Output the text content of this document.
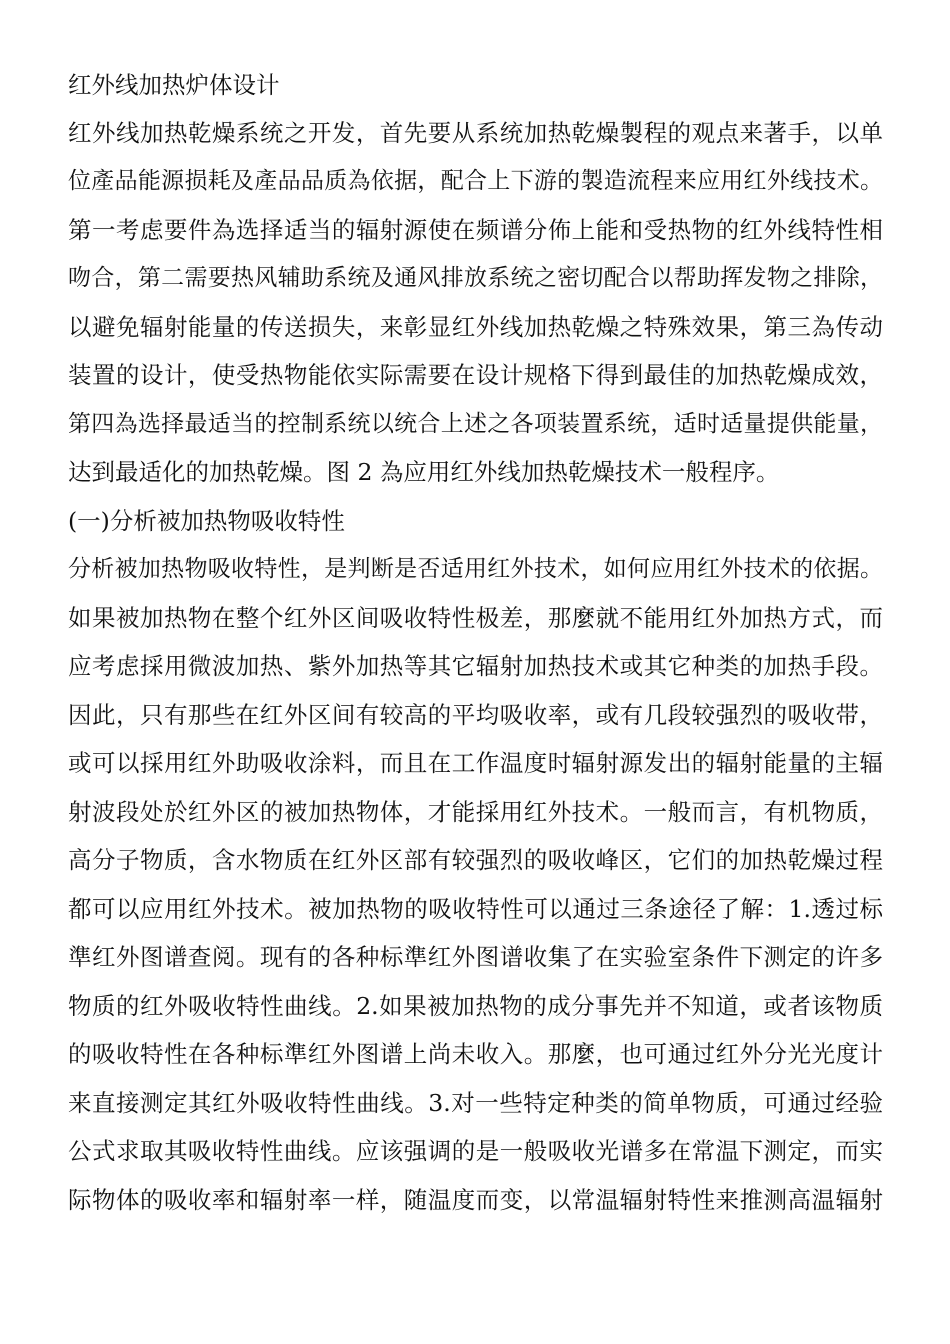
红外线加热炉体设计
红外线加热乾燥系统之开发，首先要从系统加热乾燥製程的观点来著手，以单
位產品能源损耗及產品品质為依据，配合上下游的製造流程来应用红外线技术。
第一考虑要件為选择适当的辐射源使在频谱分佈上能和受热物的红外线特性相
吻合，第二需要热风辅助系统及通风排放系统之密切配合以帮助挥发物之排除，
以避免辐射能量的传送损失，来彰显红外线加热乾燥之特殊效果，第三為传动
装置的设计，使受热物能依实际需要在设计规格下得到最佳的加热乾燥成效，
第四為选择最适当的控制系统以统合上述之各项装置系统，适时适量提供能量，
达到最适化的加热乾燥。图 2 為应用红外线加热乾燥技术一般程序。
(一)分析被加热物吸收特性
分析被加热物吸收特性，是判断是否适用红外技术，如何应用红外技术的依据。
如果被加热物在整个红外区间吸收特性极差，那麼就不能用红外加热方式，而
应考虑採用微波加热、紫外加热等其它辐射加热技术或其它种类的加热手段。
因此，只有那些在红外区间有较高的平均吸收率，或有几段较强烈的吸收带，
或可以採用红外助吸收涂料，而且在工作温度时辐射源发出的辐射能量的主辐
射波段处於红外区的被加热物体，才能採用红外技术。一般而言，有机物质，
高分子物质，含水物质在红外区部有较强烈的吸收峰区，它们的加热乾燥过程
都可以应用红外技术。被加热物的吸收特性可以通过三条途径了解：1.透过标
準红外图谱查阅。现有的各种标準红外图谱收集了在实验室条件下测定的许多
物质的红外吸收特性曲线。2.如果被加热物的成分事先并不知道，或者该物质
的吸收特性在各种标準红外图谱上尚未收入。那麼，也可通过红外分光光度计
来直接测定其红外吸收特性曲线。3.对一些特定种类的简单物质，可通过经验
公式求取其吸收特性曲线。应该强调的是一般吸收光谱多在常温下测定，而实
际物体的吸收率和辐射率一样，随温度而变，以常温辐射特性来推测高温辐射
